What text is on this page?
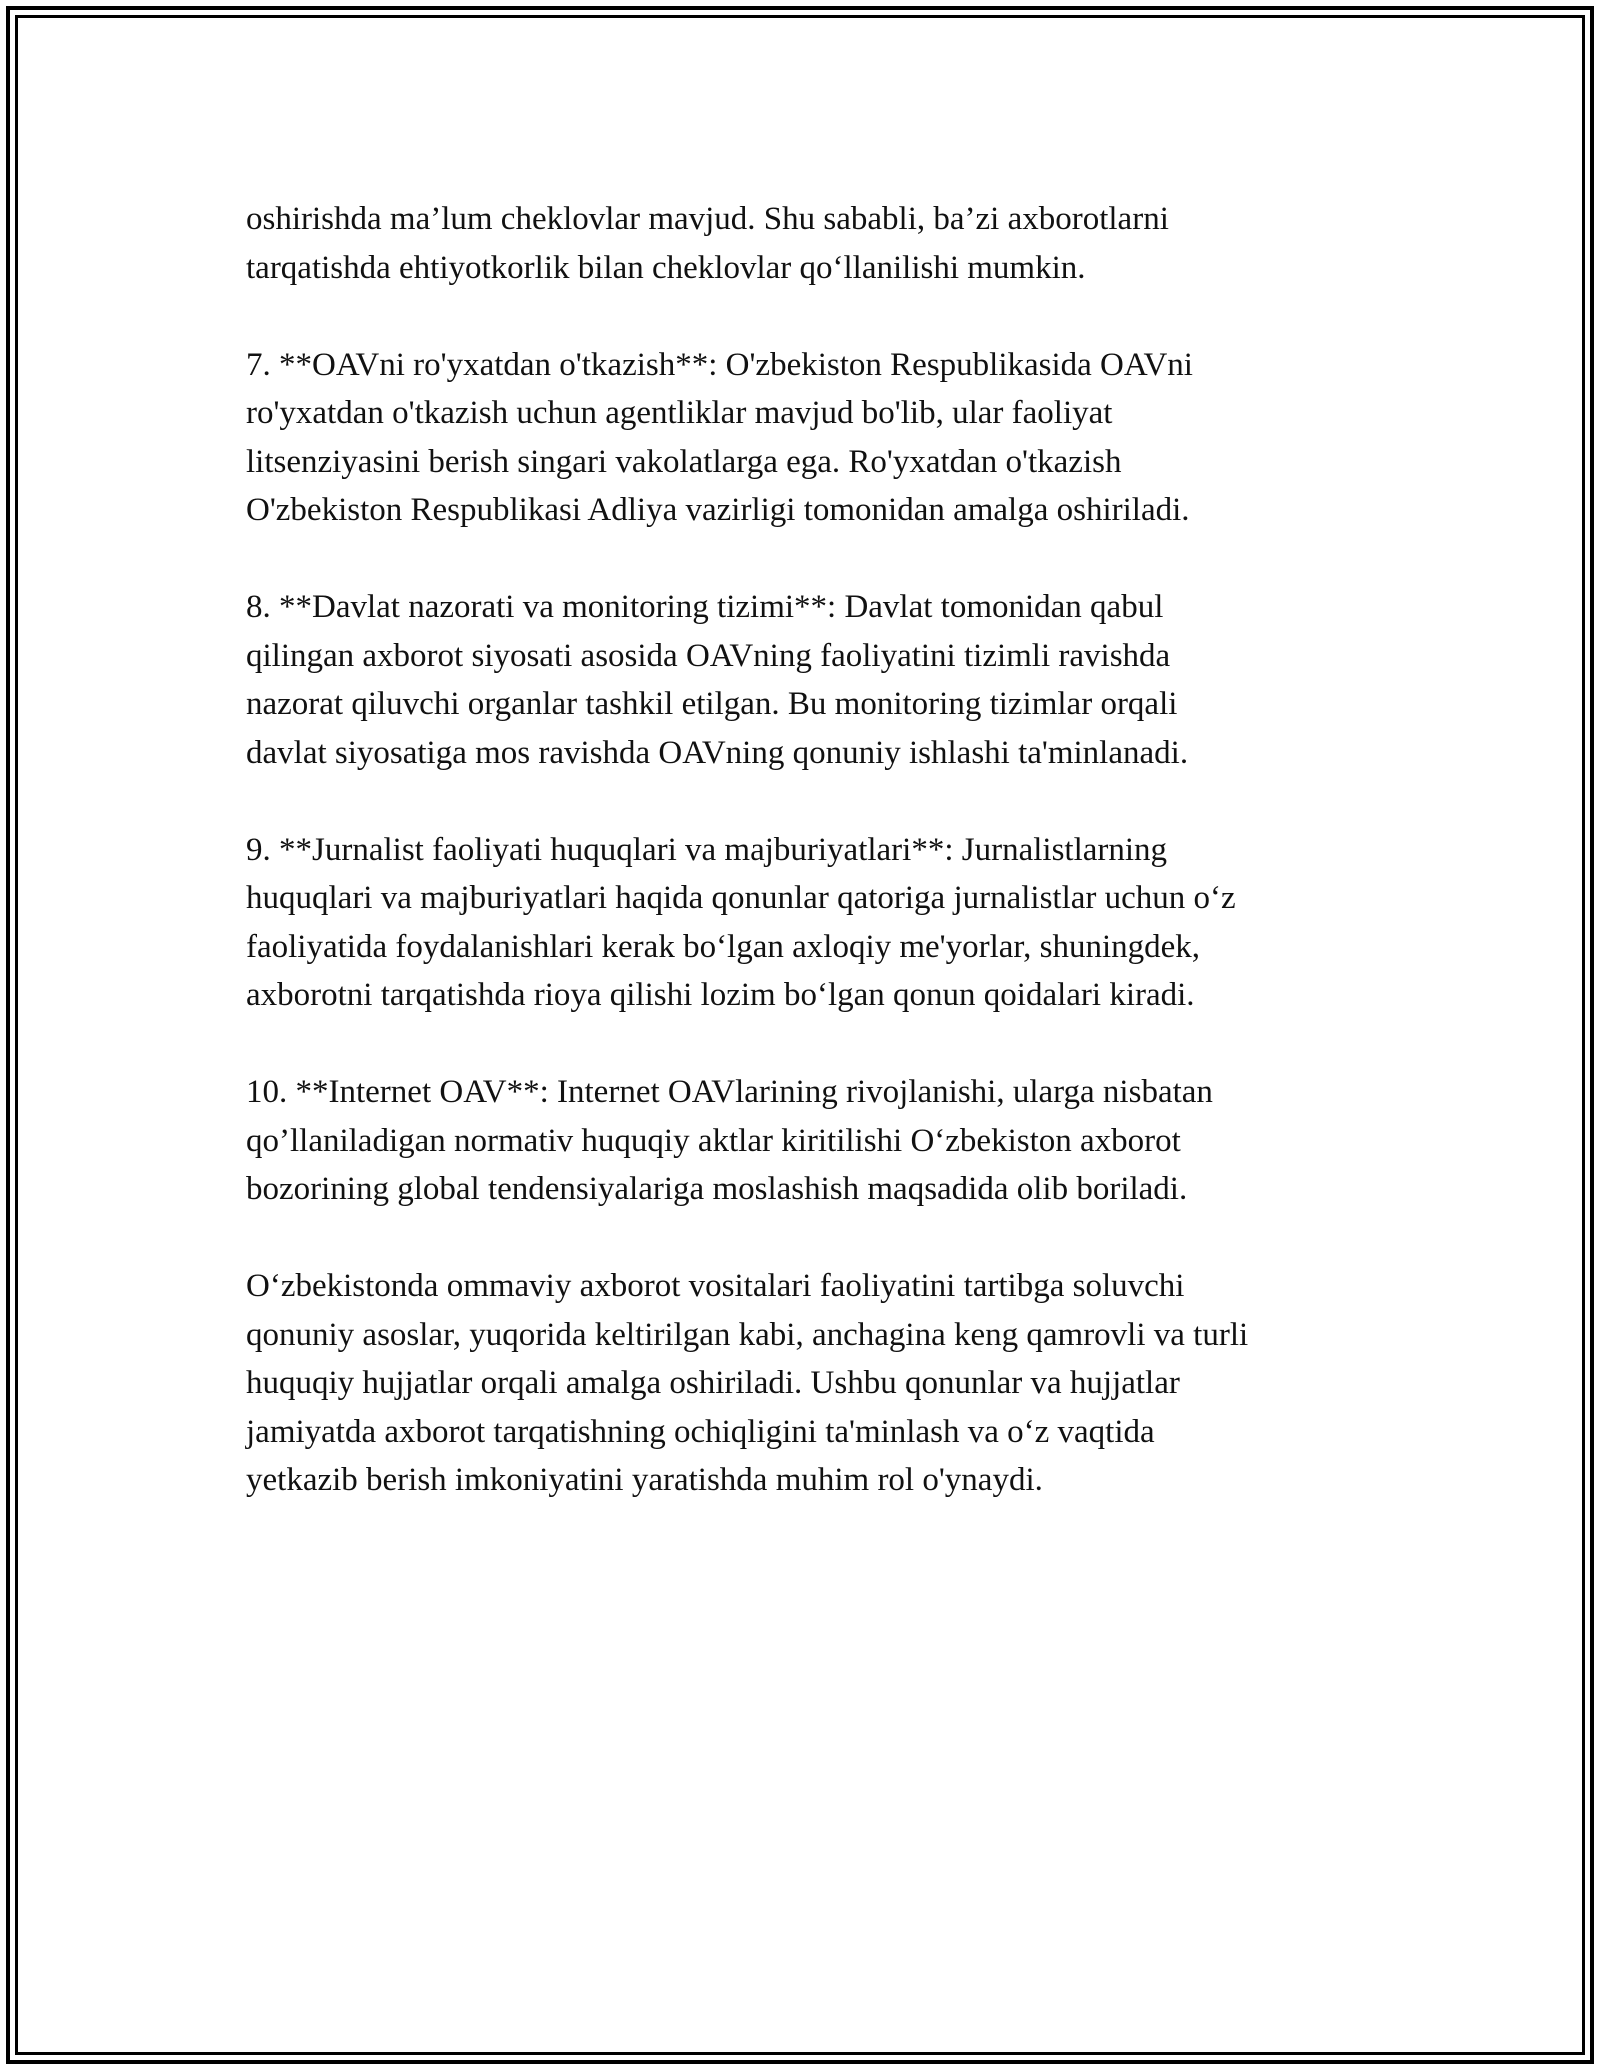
oshirishda ma’lum cheklovlar mavjud. Shu sababli, ba’zi axborotlarni
tarqatishda ehtiyotkorlik bilan cheklovlar qo‘llanilishi mumkin.

7. **OAVni ro'yxatdan o'tkazish**: O'zbekiston Respublikasida OAVni
ro'yxatdan o'tkazish uchun agentliklar mavjud bo'lib, ular faoliyat
litsenziyasini berish singari vakolatlarga ega. Ro'yxatdan o'tkazish
O'zbekiston Respublikasi Adliya vazirligi tomonidan amalga oshiriladi.

8. **Davlat nazorati va monitoring tizimi**: Davlat tomonidan qabul
qilingan axborot siyosati asosida OAVning faoliyatini tizimli ravishda
nazorat qiluvchi organlar tashkil etilgan. Bu monitoring tizimlar orqali
davlat siyosatiga mos ravishda OAVning qonuniy ishlashi ta'minlanadi.

9. **Jurnalist faoliyati huquqlari va majburiyatlari**: Jurnalistlarning
huquqlari va majburiyatlari haqida qonunlar qatoriga jurnalistlar uchun o‘z
faoliyatida foydalanishlari kerak bo‘lgan axloqiy me'yorlar, shuningdek,
axborotni tarqatishda rioya qilishi lozim bo‘lgan qonun qoidalari kiradi.

10. **Internet OAV**: Internet OAVlarining rivojlanishi, ularga nisbatan
qo’llaniladigan normativ huquqiy aktlar kiritilishi O‘zbekiston axborot
bozorining global tendensiyalariga moslashish maqsadida olib boriladi.

O‘zbekistonda ommaviy axborot vositalari faoliyatini tartibga soluvchi
qonuniy asoslar, yuqorida keltirilgan kabi, anchagina keng qamrovli va turli
huquqiy hujjatlar orqali amalga oshiriladi. Ushbu qonunlar va hujjatlar
jamiyatda axborot tarqatishning ochiqligini ta'minlash va o‘z vaqtida
yetkazib berish imkoniyatini yaratishda muhim rol o'ynaydi.
